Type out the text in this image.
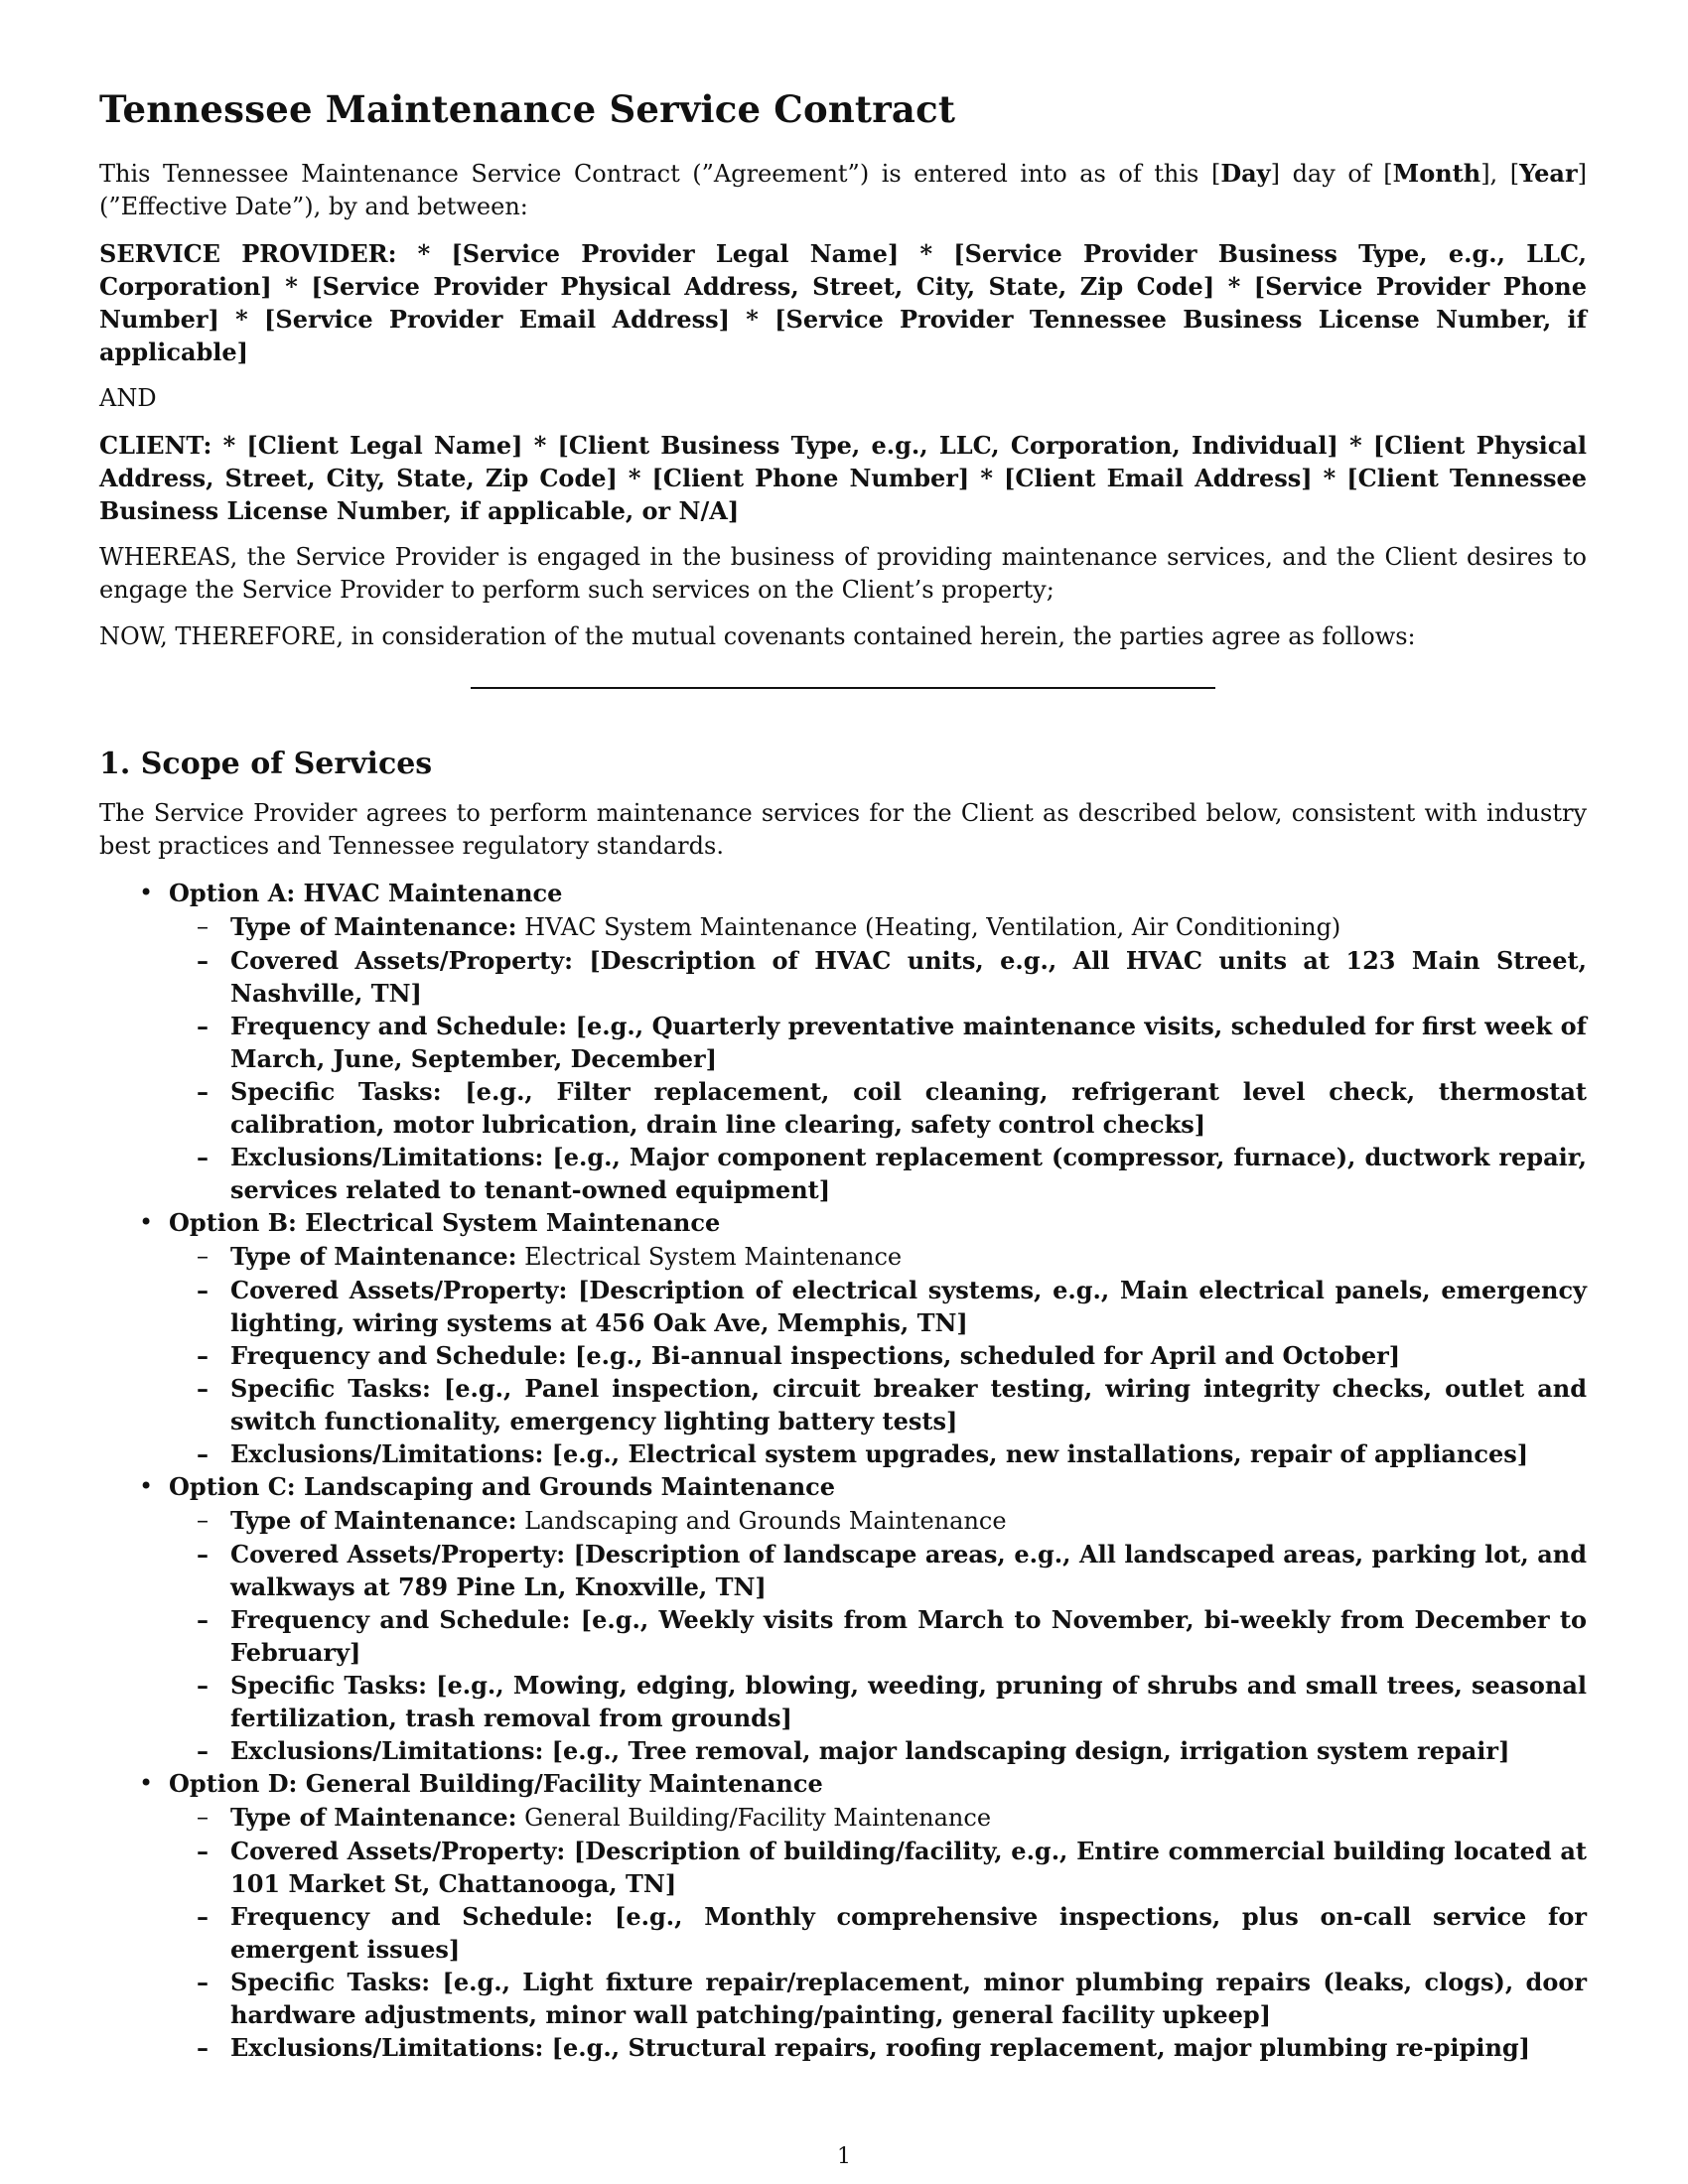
Tennessee Maintenance Service Contract

This Tennessee Maintenance Service Contract (”Agreement”) is entered into as of this [Day] day of [Month], [Year] (”Effective Date”), by and between:

SERVICE PROVIDER: * [Service Provider Legal Name] * [Service Provider Business Type, e.g., LLC, Corporation] * [Service Provider Physical Address, Street, City, State, Zip Code] * [Service Provider Phone Number] * [Service Provider Email Address] * [Service Provider Tennessee Business License Number, if applicable]

AND

CLIENT: * [Client Legal Name] * [Client Business Type, e.g., LLC, Corporation, Individual] * [Client Physical Address, Street, City, State, Zip Code] * [Client Phone Number] * [Client Email Address] * [Client Tennessee Business License Number, if applicable, or N/A]

WHEREAS, the Service Provider is engaged in the business of providing maintenance services, and the Client desires to engage the Service Provider to perform such services on the Client’s property;

NOW, THEREFORE, in consideration of the mutual covenants contained herein, the parties agree as follows:

1. Scope of Services

The Service Provider agrees to perform maintenance services for the Client as described below, consistent with industry best practices and Tennessee regulatory standards.

• Option A: HVAC Maintenance
– Type of Maintenance: HVAC System Maintenance (Heating, Ventilation, Air Conditioning)
– Covered Assets/Property: [Description of HVAC units, e.g., All HVAC units at 123 Main Street, Nashville, TN]
– Frequency and Schedule: [e.g., Quarterly preventative maintenance visits, scheduled for first week of March, June, September, December]
– Specific Tasks: [e.g., Filter replacement, coil cleaning, refrigerant level check, thermostat calibration, motor lubrication, drain line clearing, safety control checks]
– Exclusions/Limitations: [e.g., Major component replacement (compressor, furnace), ductwork repair, services related to tenant-owned equipment]
• Option B: Electrical System Maintenance
– Type of Maintenance: Electrical System Maintenance
– Covered Assets/Property: [Description of electrical systems, e.g., Main electrical panels, emergency lighting, wiring systems at 456 Oak Ave, Memphis, TN]
– Frequency and Schedule: [e.g., Bi-annual inspections, scheduled for April and October]
– Specific Tasks: [e.g., Panel inspection, circuit breaker testing, wiring integrity checks, outlet and switch functionality, emergency lighting battery tests]
– Exclusions/Limitations: [e.g., Electrical system upgrades, new installations, repair of appliances]
• Option C: Landscaping and Grounds Maintenance
– Type of Maintenance: Landscaping and Grounds Maintenance
– Covered Assets/Property: [Description of landscape areas, e.g., All landscaped areas, parking lot, and walkways at 789 Pine Ln, Knoxville, TN]
– Frequency and Schedule: [e.g., Weekly visits from March to November, bi-weekly from December to February]
– Specific Tasks: [e.g., Mowing, edging, blowing, weeding, pruning of shrubs and small trees, seasonal fertilization, trash removal from grounds]
– Exclusions/Limitations: [e.g., Tree removal, major landscaping design, irrigation system repair]
• Option D: General Building/Facility Maintenance
– Type of Maintenance: General Building/Facility Maintenance
– Covered Assets/Property: [Description of building/facility, e.g., Entire commercial building located at 101 Market St, Chattanooga, TN]
– Frequency and Schedule: [e.g., Monthly comprehensive inspections, plus on-call service for emergent issues]
– Specific Tasks: [e.g., Light fixture repair/replacement, minor plumbing repairs (leaks, clogs), door hardware adjustments, minor wall patching/painting, general facility upkeep]
– Exclusions/Limitations: [e.g., Structural repairs, roofing replacement, major plumbing re-piping]
1
